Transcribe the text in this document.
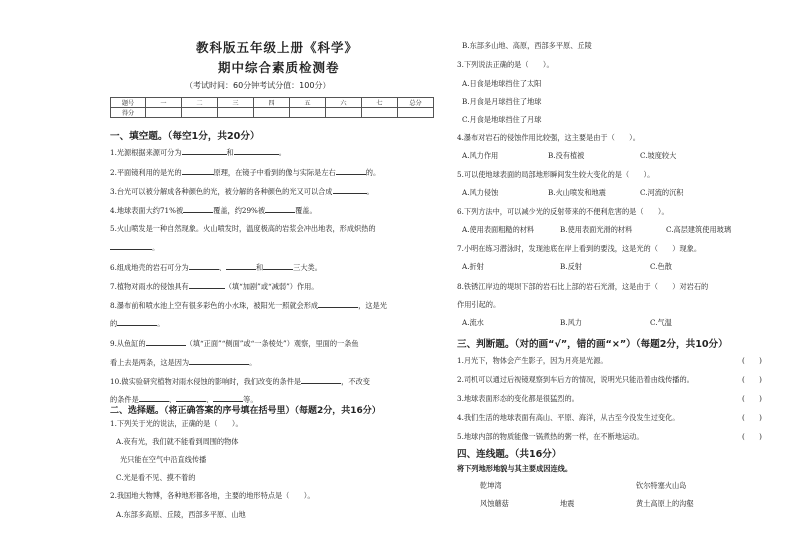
教科版五年级上册《科学》
期中综合素质检测卷
（考试时间：60分钟考试分值：100分）
题号	一	二	三	四	五	六	七	总分
得分								
一、填空题。（每空1分，共20分）
1.光源根据来源可分为	和	。
2.平面镜利用的是光的	原理，在镜子中看到的像与实际是左右	的。
3.台光可以被分解成各种颜色的光，被分解的各种颜色的光又可以合成	。
4.地球表面大约71%被	覆盖，约29%被	覆盖。
5.火山喷发是一种自然现象。火山喷发时，温度极高的岩浆会冲出地表，形成炽热的
。
6.组成地壳的岩石可分为	、	和	三大类。
7.植物对雨水的侵蚀具有	（填“加剧”或“减弱”）作用。
8.瀑布前和喷水池上空有很多彩色的小水珠，被阳光一照就会形成	，这是光
的	。
9.从鱼缸的	（填“正面”“侧面”或“一条棱处”）观察，里面的一条鱼
看上去是两条，这是因为	。
10.做实验研究植物对雨水侵蚀的影响时，我们改变的条件是	，不改变
的条件是	、	、	等。
二、选择题。（将正确答案的序号填在括号里）（每题2分，共16分）
1.下列关于光的说法，正确的是（　　）。
A.夜有光，我们就不能看到周围的物体
光只能在空气中沿直线传播
C.光是看不见、摸不着的
2.我国地大物博，各种地形都各地，主要的地形特点是（　　）。
A.东部多高原、丘陵，西部多平原、山地
B.东部多山地、高原，西部多平原、丘陵
3.下列说法正确的是（　　）。
A.日食是地球挡住了太阳
B.月食是月球挡住了地球
C.月食是地球挡住了月球
4.瀑布对岩石的侵蚀作用比较强，这主要是由于（　　）。
A.风力作用	B.没有植被	C.坡度较大
5.可以使地球表面的局部地形瞬间发生较大变化的是（　　）。
A.风力侵蚀	B.火山喷发和地震	C.河流的沉积
6.下列方法中，可以减少光的反射带来的不便利危害的是（　　）。
A.使用表面粗糙的材料	B.使用表面光滑的材料	C.高层建筑使用玻璃
7.小明在练习潜泳时，发现池底在岸上看到的要浅，这是光的（　　）现象。
A.折射	B.反射	C.色散
8.铁锈江岸边的堤坝下部的岩石比上部的岩石光滑，这是由于（　　）对岩石的
作用引起的。
A.流水	B.风力	C.气温
三、判断题。（对的画“√”，错的画“×”）（每题2分，共10分）
1.月光下，物体会产生影子，因为月亮是光源。	(　　)
2.司机可以通过后视镜观察到车后方的情况，说明光只能沿着由线传播的。	(　　)
3.地球表面形态的变化都是很猛烈的。	(　　)
4.我们生活的地球表面有高山、平原、海洋，从古至今没发生过变化。	(　　)
5.地球内部的物质能像一锅煮热的粥一样，在不断地运动。	(　　)
四、连线题。（共16分）
将下列地形地貌与其主要成因连线。
乾坤湾	钦尔特塞火山岛
风蚀蘑菇	地震	黄土高原上的沟壑
